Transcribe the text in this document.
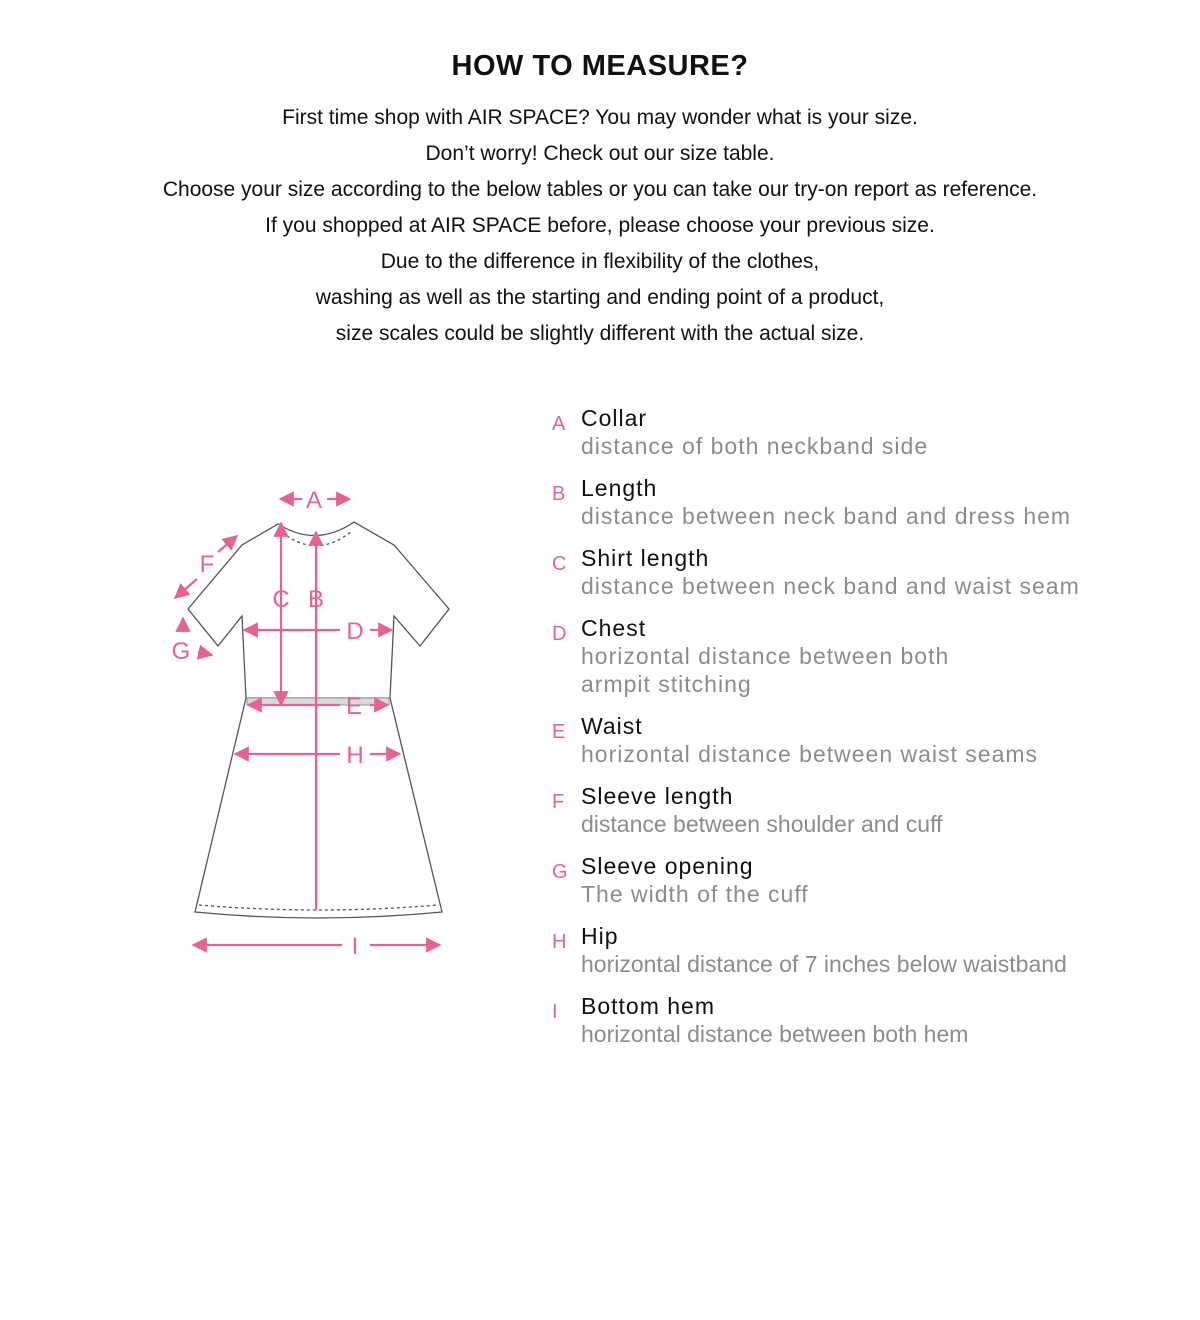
HOW TO MEASURE?
First time shop with AIR SPACE? You may wonder what is your size.
Don’t worry! Check out our size table.
Choose your size according to the below tables or you can take our try-on report as reference.
If you shopped at AIR SPACE before, please choose your previous size.
Due to the difference in flexibility of the clothes,
washing as well as the starting and ending point of a product,
size scales could be slightly different with the actual size.
A
B
C
D
E
F
G
H
I
A Collar
distance of both neckband side
B Length
distance between neck band and dress hem
C Shirt length
distance between neck band and waist seam
D Chest
horizontal distance between both
armpit stitching
E Waist
horizontal distance between waist seams
F Sleeve length
distance between shoulder and cuff
G Sleeve opening
The width of the cuff
H Hip
horizontal distance of 7 inches below waistband
I	Bottom hem
horizontal distance between both hem
